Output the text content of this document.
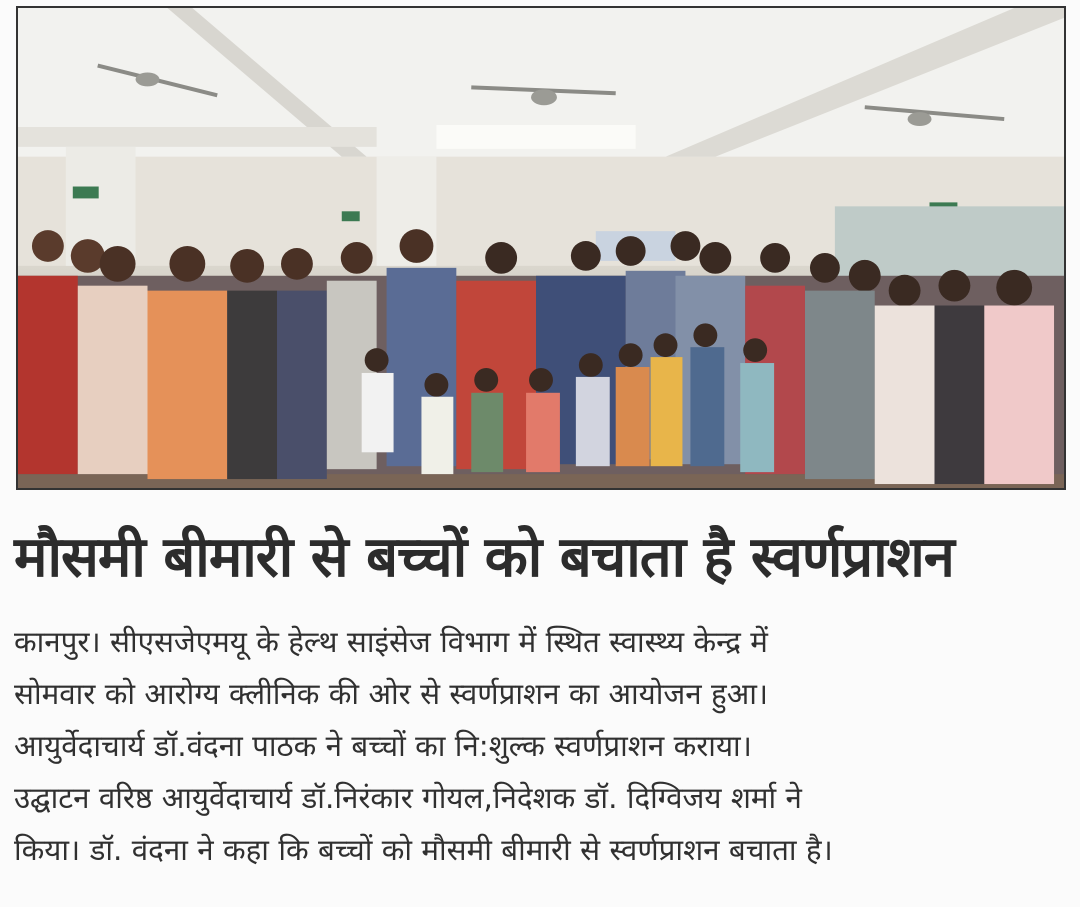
मौसमी बीमारी से बच्चों को बचाता है स्वर्णप्राशन
कानपुर। सीएसजेएमयू के हेल्थ साइंसेज विभाग में स्थित स्वास्थ्य केन्द्र में
सोमवार को आरोग्य क्लीनिक की ओर से स्वर्णप्राशन का आयोजन हुआ।
आयुर्वेदाचार्य डॉ.वंदना पाठक ने बच्चों का नि:शुल्क स्वर्णप्राशन कराया।
उद्घाटन वरिष्ठ आयुर्वेदाचार्य डॉ.निरंकार गोयल,निदेशक डॉ. दिग्विजय शर्मा ने
किया। डॉ. वंदना ने कहा कि बच्चों को मौसमी बीमारी से स्वर्णप्राशन बचाता है।
